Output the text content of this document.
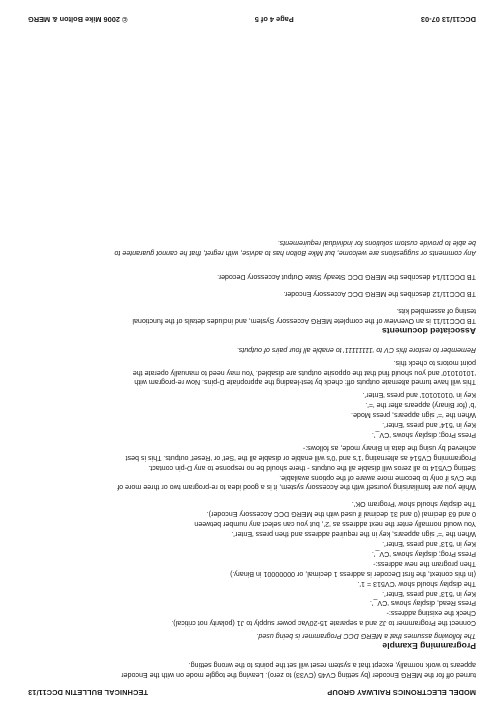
MODEL ELECTRONICS RAILWAY GROUP
TECHNICAL BULLETIN DCC11/13

turned off for the MERG Encoder (by setting CV45 (CV33) to zero). Leaving the toggle mode on with the Encoder

appears to work normally, except that a system reset will set the points to the wrong setting.

Programming Example

The following assumes that a MERG DCC Programmer is being used.

Connect the Programmer to J2 and a separate 15-20Vac power supply to J1 (polarity not critical).

Check the existing address:-

Press Read, display shows ‘CV_’.

Key in ‘513’ and press ‘Enter’.

The display should show ‘CV513 = 1’.

(In this context, the first Decoder is address 1 decimal, or 00000001 in Binary.)

Then program the new address:-

Press Prog; display shows ‘CV_’.

Key in ‘513’ and press ‘Enter’.

When the ‘=’ sign appears, key in the required address and then press ‘Enter’.

You would normally enter the next address as ‘2’, but you can select any number between

0 and 63 decimal (0 and 31 decimal if used with the MERG DCC Accessory Encoder).

The display should show ‘Program OK’.

While you are familiarising yourself with the Accessory system, it is a good idea to re-program two or three more of

the CVs if only to become more aware of the options available.

Setting CV514 to all zeros will disable all the outputs - there should be no response to any D-pin contact.

Programming CV514 as alternating ‘1’s and ‘0’s will enable or disable all the ‘Set’ or ‘Reset’ outputs. This is best

achieved by using the data in Binary mode, as follows:-

Press Prog; display shows ‘CV_’.

Key in ‘514’ and press ‘Enter’.

When the ‘=’ sign appears, press Mode.

‘b’ (for Binary) appears after the ‘=’.

Key in ‘01010101’ and press ‘Enter’.

This will have turned alternate outputs off: check by test-leading the appropriate D-pins. Now re-program with

‘10101010’ and you should find that the opposite outputs are disabled. You may need to manually operate the

point motors to check this.

Remember to restore this CV to ‘11111111’ to enable all four pairs of outputs.

Associated documents

TB DCC11/11 is an Overview of the complete MERG Accessory System, and includes details of the functional

testing of assembled kits.

TB DCC11/12 describes the MERG DCC Accessory Encoder.

TB DCC11/14 describes the MERG DCC Steady State Output Accessory Decoder.

Any comments or suggestions are welcome, but Mike Bolton has to advise, with regret, that he cannot guarantee to

be able to provide custom solutions for individual requirements.

DCC11/13 07-03
Page 4 of 5
© 2006 Mike Bolton & MERG
